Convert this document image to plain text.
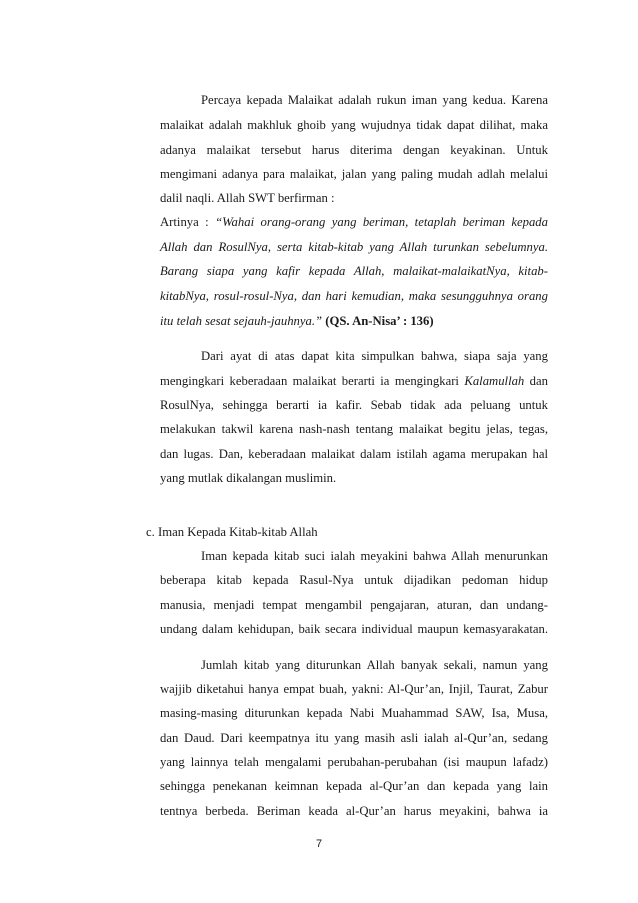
Percaya kepada Malaikat adalah rukun iman yang kedua. Karena
malaikat adalah makhluk ghoib yang wujudnya tidak dapat dilihat, maka
adanya malaikat tersebut harus diterima dengan keyakinan. Untuk
mengimani adanya para malaikat, jalan yang paling mudah adlah melalui
dalil naqli. Allah SWT berfirman :
Artinya : “Wahai orang-orang yang beriman, tetaplah beriman kepada
Allah dan RosulNya, serta kitab-kitab yang Allah turunkan sebelumnya.
Barang siapa yang kafir kepada Allah, malaikat-malaikatNya, kitab-
kitabNya, rosul-rosul-Nya, dan hari kemudian, maka sesungguhnya orang
itu telah sesat sejauh-jauhnya.” (QS. An-Nisa’ : 136)
Dari ayat di atas dapat kita simpulkan bahwa, siapa saja yang
mengingkari keberadaan malaikat berarti ia mengingkari Kalamullah dan
RosulNya, sehingga berarti ia kafir. Sebab tidak ada peluang untuk
melakukan takwil karena nash-nash tentang malaikat begitu jelas, tegas,
dan lugas. Dan, keberadaan malaikat dalam istilah agama merupakan hal
yang mutlak dikalangan muslimin.
c. Iman Kepada Kitab-kitab Allah
Iman kepada kitab suci ialah meyakini bahwa Allah menurunkan
beberapa kitab kepada Rasul-Nya untuk dijadikan pedoman hidup
manusia, menjadi tempat mengambil pengajaran, aturan, dan undang-
undang dalam kehidupan, baik secara individual maupun kemasyarakatan.
Jumlah kitab yang diturunkan Allah banyak sekali, namun yang
wajjib diketahui hanya empat buah, yakni: Al-Qur’an, Injil, Taurat, Zabur
masing-masing diturunkan kepada Nabi Muahammad SAW, Isa, Musa,
dan Daud. Dari keempatnya itu yang masih asli ialah al-Qur’an, sedang
yang lainnya telah mengalami perubahan-perubahan (isi maupun lafadz)
sehingga penekanan keimnan kepada al-Qur’an dan kepada yang lain
tentnya berbeda. Beriman keada al-Qur’an harus meyakini, bahwa ia
7
